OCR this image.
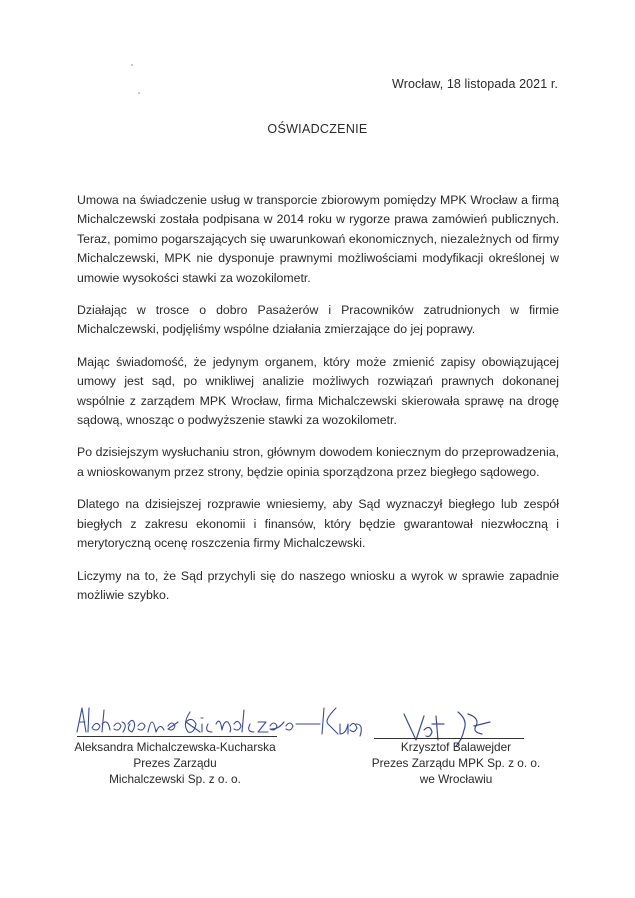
Wrocław, 18 listopada 2021 r.
OŚWIADCZENIE

Umowa na świadczenie usług w transporcie zbiorowym pomiędzy MPK Wrocław a firmą Michalczewski została podpisana w 2014 roku w rygorze prawa zamówień publicznych. Teraz, pomimo pogarszających się uwarunkowań ekonomicznych, niezależnych od firmy Michalczewski, MPK nie dysponuje prawnymi możliwościami modyfikacji określonej w umowie wysokości stawki za wozokilometr.

Działając w trosce o dobro Pasażerów i Pracowników zatrudnionych w firmie Michalczewski, podjęliśmy wspólne działania zmierzające do jej poprawy.

Mając świadomość, że jedynym organem, który może zmienić zapisy obowiązującej umowy jest sąd, po wnikliwej analizie możliwych rozwiązań prawnych dokonanej wspólnie z zarządem MPK Wrocław, firma Michalczewski skierowała sprawę na drogę sądową, wnosząc o podwyższenie stawki za wozokilometr.

Po dzisiejszym wysłuchaniu stron, głównym dowodem koniecznym do przeprowadzenia, a wnioskowanym przez strony, będzie opinia sporządzona przez biegłego sądowego.

Dlatego na dzisiejszej rozprawie wniesiemy, aby Sąd wyznaczył biegłego lub zespół biegłych z zakresu ekonomii i finansów, który będzie gwarantował niezwłoczną i merytoryczną ocenę roszczenia firmy Michalczewski.

Liczymy na to, że Sąd przychyli się do naszego wniosku a wyrok w sprawie zapadnie możliwie szybko.

Aleksandra Michalczewska-Kucharska
Prezes Zarządu
Michalczewski Sp. z o. o.
Krzysztof Balawejder
Prezes Zarządu MPK Sp. z o. o.
we Wrocławiu
